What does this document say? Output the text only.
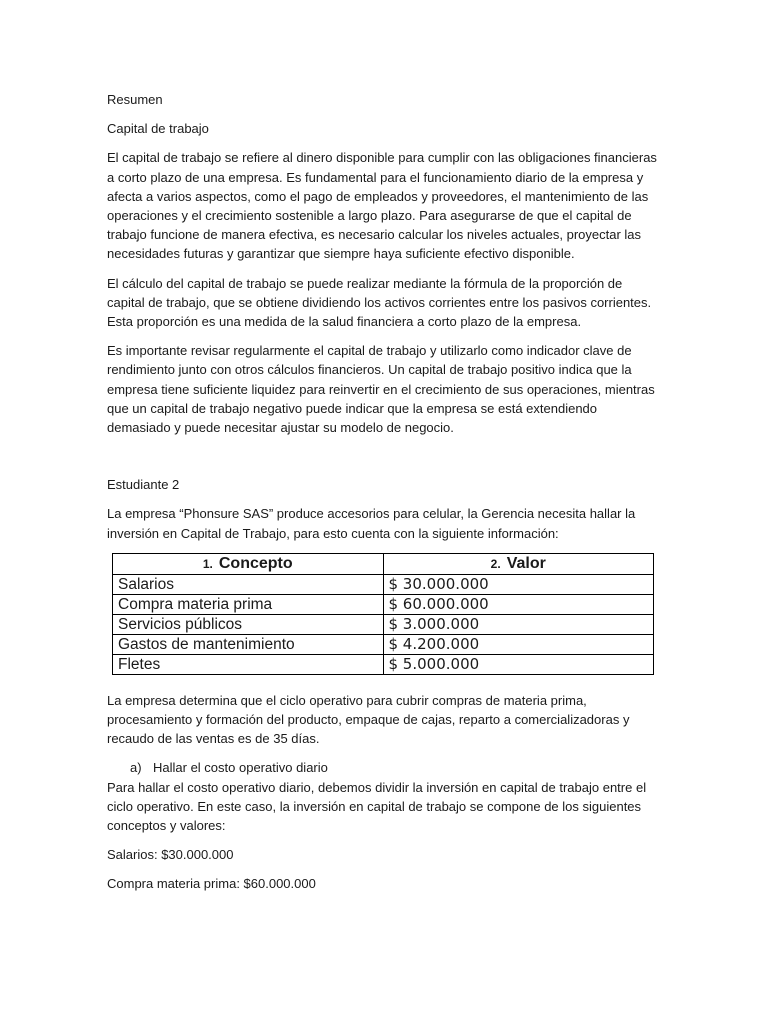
Resumen

Capital de trabajo

El capital de trabajo se refiere al dinero disponible para cumplir con las obligaciones financieras a corto plazo de una empresa. Es fundamental para el funcionamiento diario de la empresa y afecta a varios aspectos, como el pago de empleados y proveedores, el mantenimiento de las operaciones y el crecimiento sostenible a largo plazo. Para asegurarse de que el capital de trabajo funcione de manera efectiva, es necesario calcular los niveles actuales, proyectar las necesidades futuras y garantizar que siempre haya suficiente efectivo disponible.

El cálculo del capital de trabajo se puede realizar mediante la fórmula de la proporción de capital de trabajo, que se obtiene dividiendo los activos corrientes entre los pasivos corrientes. Esta proporción es una medida de la salud financiera a corto plazo de la empresa.

Es importante revisar regularmente el capital de trabajo y utilizarlo como indicador clave de rendimiento junto con otros cálculos financieros. Un capital de trabajo positivo indica que la empresa tiene suficiente liquidez para reinvertir en el crecimiento de sus operaciones, mientras que un capital de trabajo negativo puede indicar que la empresa se está extendiendo demasiado y puede necesitar ajustar su modelo de negocio.

Estudiante 2

La empresa “Phonsure SAS” produce accesorios para celular, la Gerencia necesita hallar la inversión en Capital de Trabajo, para esto cuenta con la siguiente información:

1. Concepto	2. Valor
Salarios	$ 30.000.000
Compra materia prima	$ 60.000.000
Servicios públicos	$ 3.000.000
Gastos de mantenimiento	$ 4.200.000
Fletes	$ 5.000.000

La empresa determina que el ciclo operativo para cubrir compras de materia prima, procesamiento y formación del producto, empaque de cajas, reparto a comercializadoras y recaudo de las ventas es de 35 días.

a) Hallar el costo operativo diario

Para hallar el costo operativo diario, debemos dividir la inversión en capital de trabajo entre el ciclo operativo. En este caso, la inversión en capital de trabajo se compone de los siguientes conceptos y valores:

Salarios: $30.000.000

Compra materia prima: $60.000.000
